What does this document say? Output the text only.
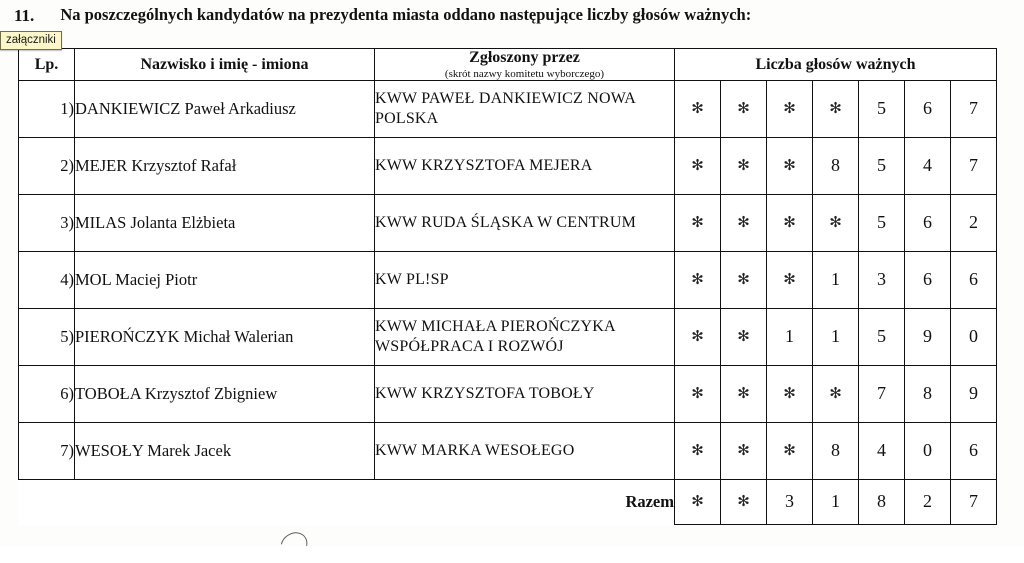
11. Na poszczególnych kandydatów na prezydenta miasta oddano następujące liczby głosów ważnych:
załączniki
Lp.	Nazwisko i imię - imiona	Zgłoszony przez
(skrót nazwy komitetu wyborczego)	Liczba głosów ważnych						
1)	DANKIEWICZ Paweł Arkadiusz	KWW PAWEŁ DANKIEWICZ NOWA POLSKA	✻	✻	✻	✻	5	6	7
2)	MEJER Krzysztof Rafał	KWW KRZYSZTOFA MEJERA	✻	✻	✻	8	5	4	7
3)	MILAS Jolanta Elżbieta	KWW RUDA ŚLĄSKA W CENTRUM	✻	✻	✻	✻	5	6	2
4)	MOL Maciej Piotr	KW PL!SP	✻	✻	✻	1	3	6	6
5)	PIEROŃCZYK Michał Walerian	KWW MICHAŁA PIEROŃCZYKA WSPÓŁPRACA I ROZWÓJ	✻	✻	1	1	5	9	0
6)	TOBOŁA Krzysztof Zbigniew	KWW KRZYSZTOFA TOBOŁY	✻	✻	✻	✻	7	8	9
7)	WESOŁY Marek Jacek	KWW MARKA WESOŁEGO	✻	✻	✻	8	4	0	6
		Razem	✻	✻	3	1	8	2	7
